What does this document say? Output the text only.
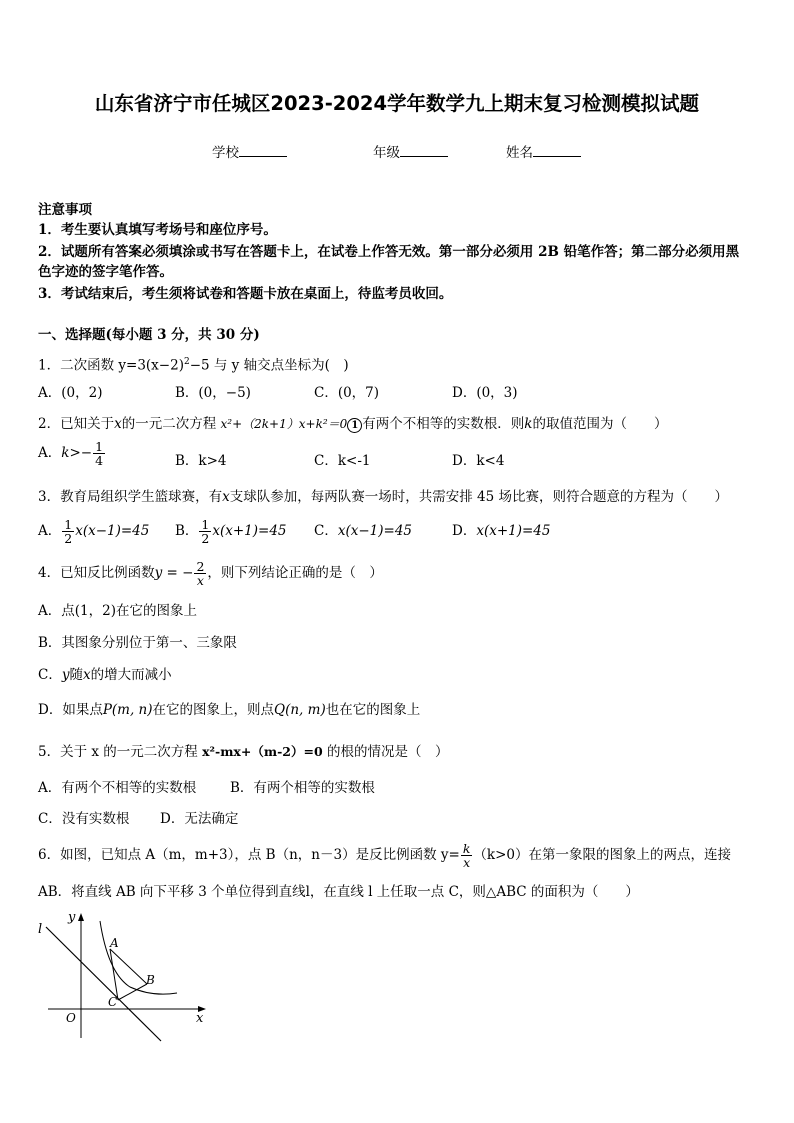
山东省济宁市任城区2023-2024学年数学九上期末复习检测模拟试题
学校	年级	姓名
注意事项
1．考生要认真填写考场号和座位序号。
2．试题所有答案必须填涂或书写在答题卡上，在试卷上作答无效。第一部分必须用 2B 铅笔作答；第二部分必须用黑
色字迹的签字笔作答。
3．考试结束后，考生须将试卷和答题卡放在桌面上，待监考员收回。
一、选择题(每小题 3 分，共 30 分)
1．二次函数 $y=3(x-2)^2-5$ 与 y 轴交点坐标为(　)
A．(0，2)	B．(0，−5)	C．(0，7)	D．(0，3)
2．已知关于x的一元二次方程 x²+（2k+1）x+k²＝0 1 有两个不相等的实数根．则k的取值范围为（　　）
A．$k>- \frac{1}{4}$	B．k>4	C．k<-1	D．k<4
3．教育局组织学生篮球赛，有x支球队参加，每两队赛一场时，共需安排 45 场比赛，则符合题意的方程为（　　）
A． $\frac{1}{2} x(x-1)=45$ B． $\frac{1}{2} x(x+1)=45$ C．x(x−1)=45	D．x(x+1)=45
4．已知反比例函数y = − $\frac{2}{x}$ ，则下列结论正确的是（　）
A．点(1，2)在它的图象上
B．其图象分别位于第一、三象限
C．y随x的增大而减小
D．如果点P(m, n)在它的图象上，则点Q(n, m)也在它的图象上
5．关于 x 的一元二次方程 x²-mx+（m-2）=0 的根的情况是（　）
A．有两个不相等的实数根	B．有两个相等的实数根
C．没有实数根 D．无法确定
6．如图，已知点 A（m，m+3），点 B（n，n－3）是反比例函数 $y= \frac{k}{x} (k>0)$在第一象限的图象上的两点，连接
AB．将直线 AB 向下平移 3 个单位得到直线l，在直线 l 上任取一点 C，则△ABC 的面积为（　　）
l
y
A
B
C
O	x
